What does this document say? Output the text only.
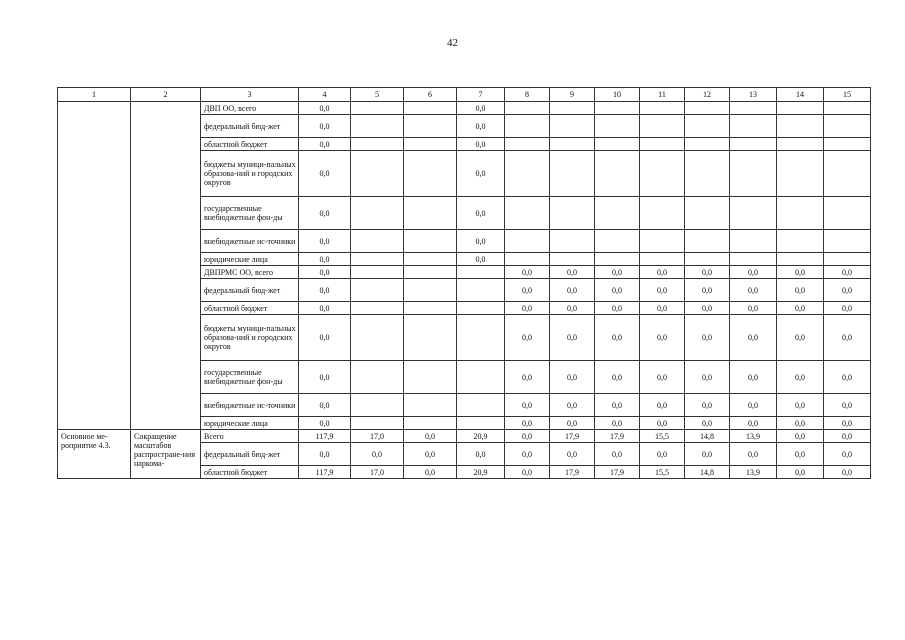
42
1	2	3	4	5	6	7	8	9	10	11	12	13	14	15
		ДВП ОО, всего	0,0			0,0								
		федеральный бюд-жет	0,0			0,0								
		областной бюджет	0,0			0,0								
		бюджеты муници-пальных образова-ний и городских округов	0,0			0,0								
		государственные внебюджетные фон-ды	0,0			0,0								
		внебюджетные ис-точники	0,0			0,0								
		юридические лица	0,0			0,0								
		ДВПРМС ОО, всего	0,0				0,0	0,0	0,0	0,0	0,0	0,0	0,0	0,0
		федеральный бюд-жет	0,0				0,0	0,0	0,0	0,0	0,0	0,0	0,0	0,0
		областной бюджет	0,0				0,0	0,0	0,0	0,0	0,0	0,0	0,0	0,0
		бюджеты муници-пальных образова-ний и городских округов	0,0				0,0	0,0	0,0	0,0	0,0	0,0	0,0	0,0
		государственные внебюджетные фон-ды	0,0				0,0	0,0	0,0	0,0	0,0	0,0	0,0	0,0
		внебюджетные ис-точники	0,0				0,0	0,0	0,0	0,0	0,0	0,0	0,0	0,0
		юридические лица	0,0				0,0	0,0	0,0	0,0	0,0	0,0	0,0	0,0
Основное ме-роприятие 4.3.	Сокращение масштабов распростране-ния наркома-	Всего	117,9	17,0	0,0	20,9	0,0	17,9	17,9	15,5	14,8	13,9	0,0	0,0
		федеральный бюд-жет	0,0	0,0	0,0	0,0	0,0	0,0	0,0	0,0	0,0	0,0	0,0	0,0
		областной бюджет	117,9	17,0	0,0	20,9	0,0	17,9	17,9	15,5	14,8	13,9	0,0	0,0
